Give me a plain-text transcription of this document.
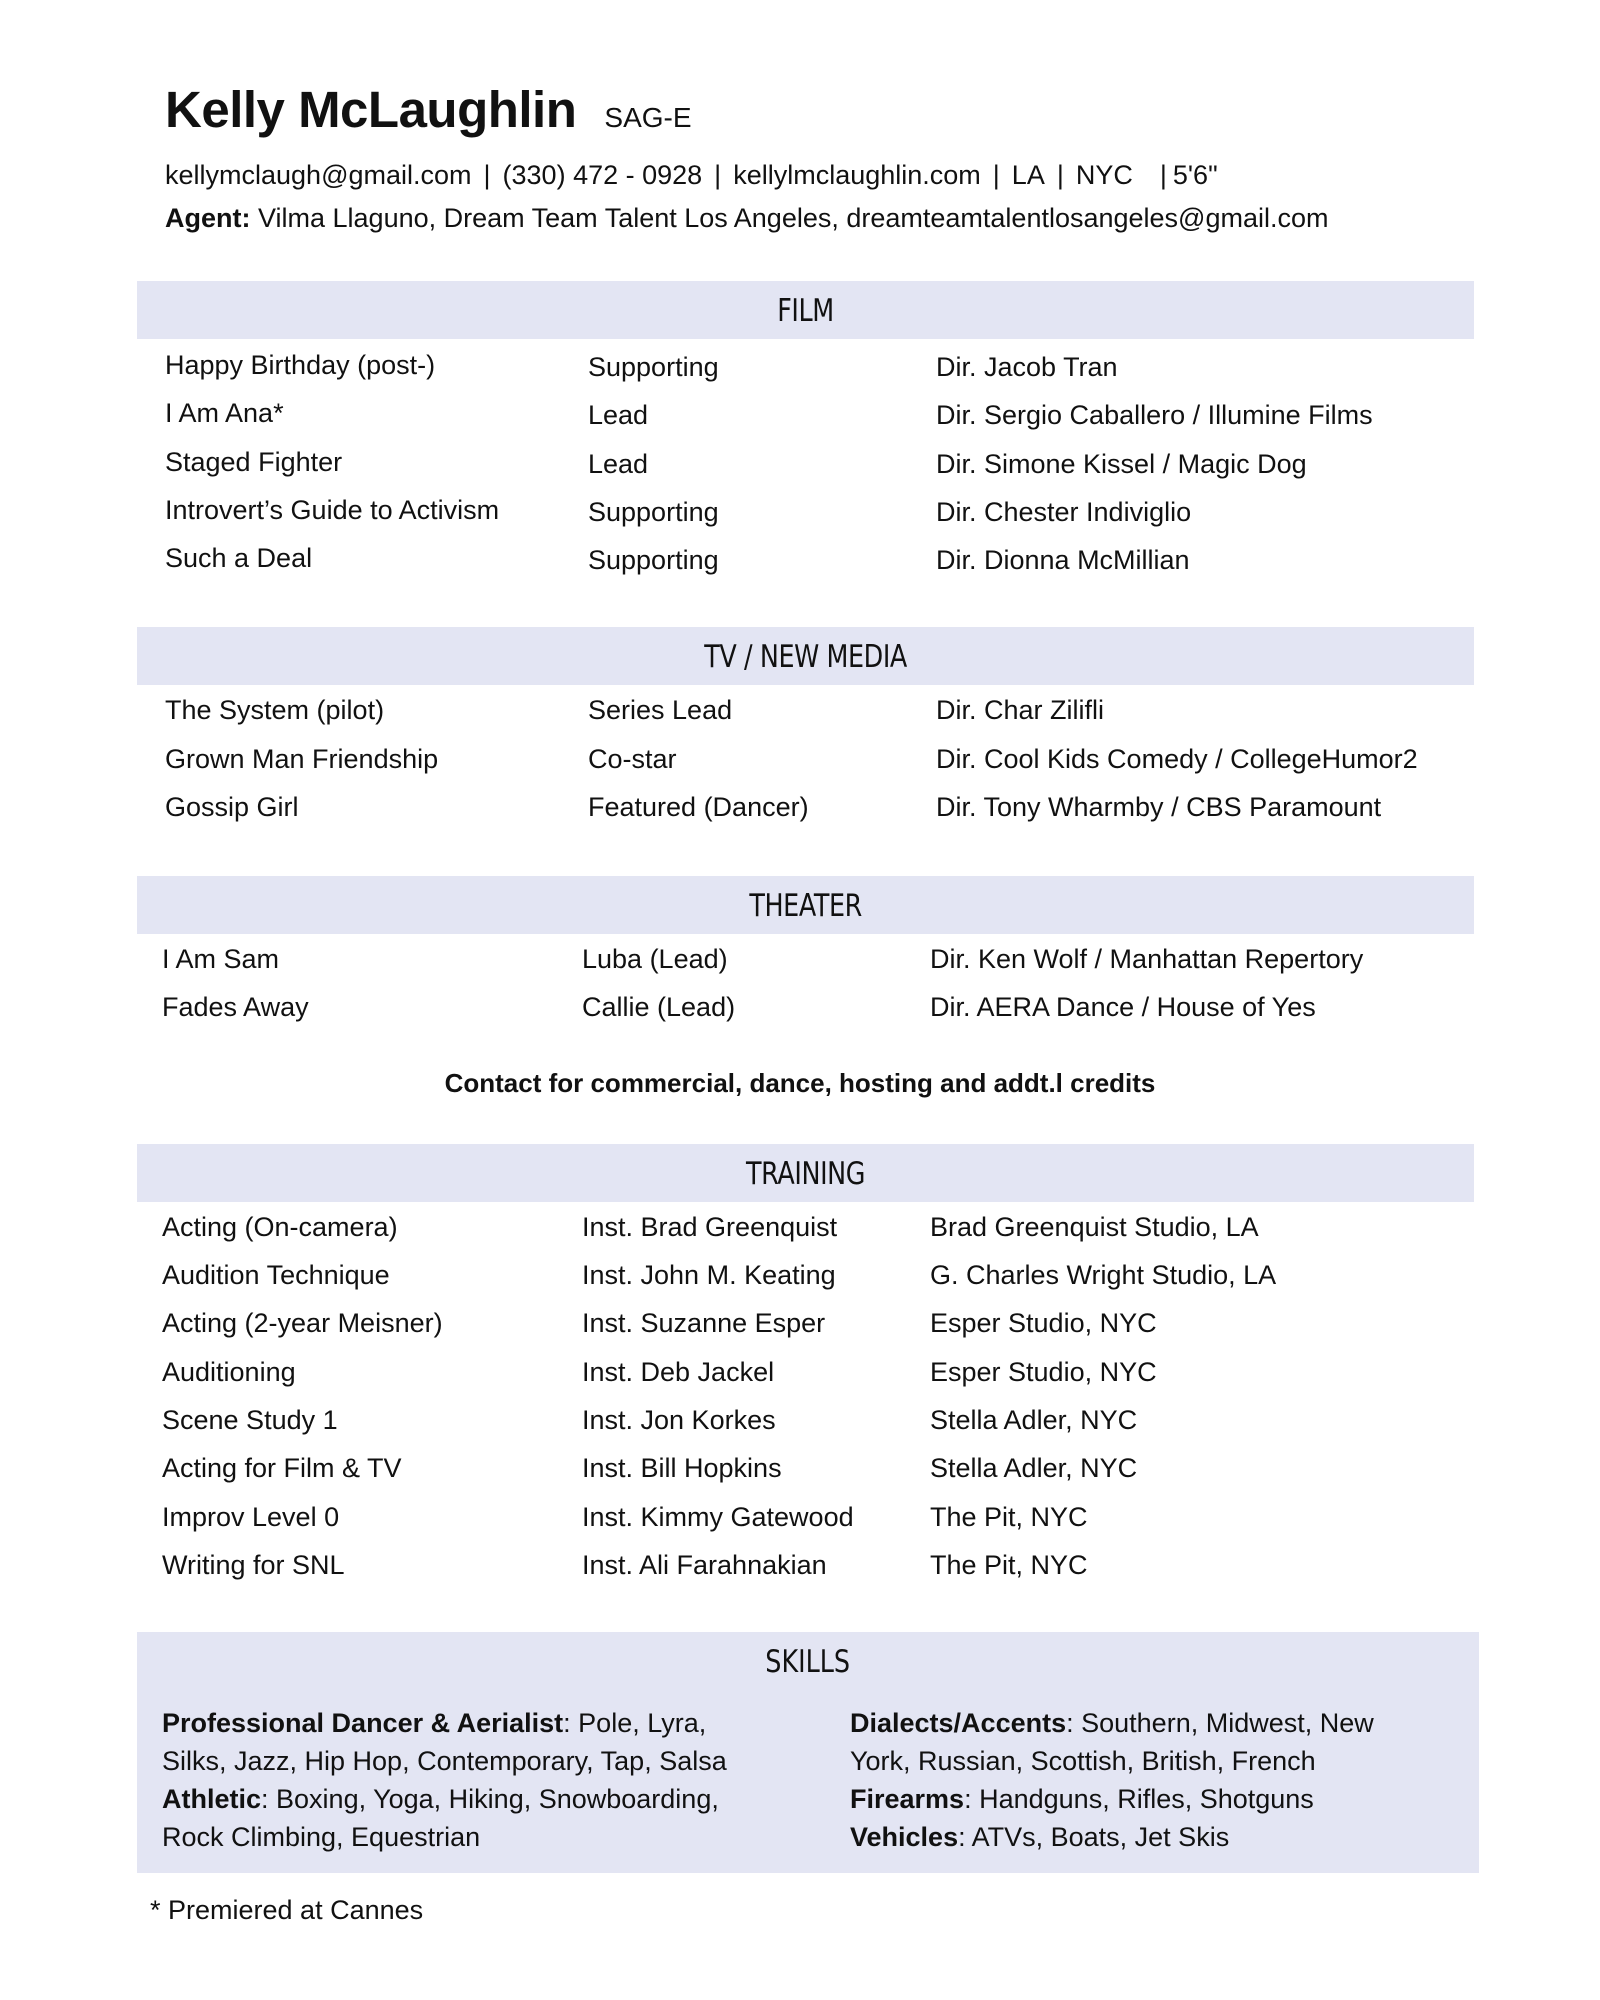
Kelly McLaughlin SAG-E
kellymclaugh@gmail.com | (330) 472 - 0928 | kellylmclaughlin.com | LA | NYC  | 5'6"
Agent: Vilma Llaguno, Dream Team Talent Los Angeles, dreamteamtalentlosangeles@gmail.com
FILM
Happy Birthday (post-)	Supporting	Dir. Jacob Tran
I Am Ana*	Lead	Dir. Sergio Caballero / Illumine Films
Staged Fighter	Lead	Dir. Simone Kissel / Magic Dog
Introvert’s Guide to Activism	Supporting	Dir. Chester Indiviglio
Such a Deal	Supporting	Dir. Dionna McMillian
TV / NEW MEDIA
The System (pilot)	Series Lead	Dir. Char Zilifli
Grown Man Friendship	Co-star	Dir. Cool Kids Comedy / CollegeHumor2
Gossip Girl	Featured (Dancer)	Dir. Tony Wharmby / CBS Paramount
THEATER
I Am Sam	Luba (Lead)	Dir. Ken Wolf / Manhattan Repertory
Fades Away	Callie (Lead)	Dir. AERA Dance / House of Yes
Contact for commercial, dance, hosting and addt.l credits
TRAINING
Acting (On-camera)	Inst. Brad Greenquist	Brad Greenquist Studio, LA
Audition Technique	Inst. John M. Keating	G. Charles Wright Studio, LA
Acting (2-year Meisner)	Inst. Suzanne Esper	Esper Studio, NYC
Auditioning	Inst. Deb Jackel	Esper Studio, NYC
Scene Study 1	Inst. Jon Korkes	Stella Adler, NYC
Acting for Film & TV	Inst. Bill Hopkins	Stella Adler, NYC
Improv Level 0	Inst. Kimmy Gatewood	The Pit, NYC
Writing for SNL	Inst. Ali Farahnakian	The Pit, NYC
SKILLS
Professional Dancer & Aerialist: Pole, Lyra, Silks, Jazz, Hip Hop, Contemporary, Tap, Salsa
Athletic: Boxing, Yoga, Hiking, Snowboarding, Rock Climbing, Equestrian
Dialects/Accents: Southern, Midwest, New York, Russian, Scottish, British, French
Firearms: Handguns, Rifles, Shotguns
Vehicles: ATVs, Boats, Jet Skis
* Premiered at Cannes
